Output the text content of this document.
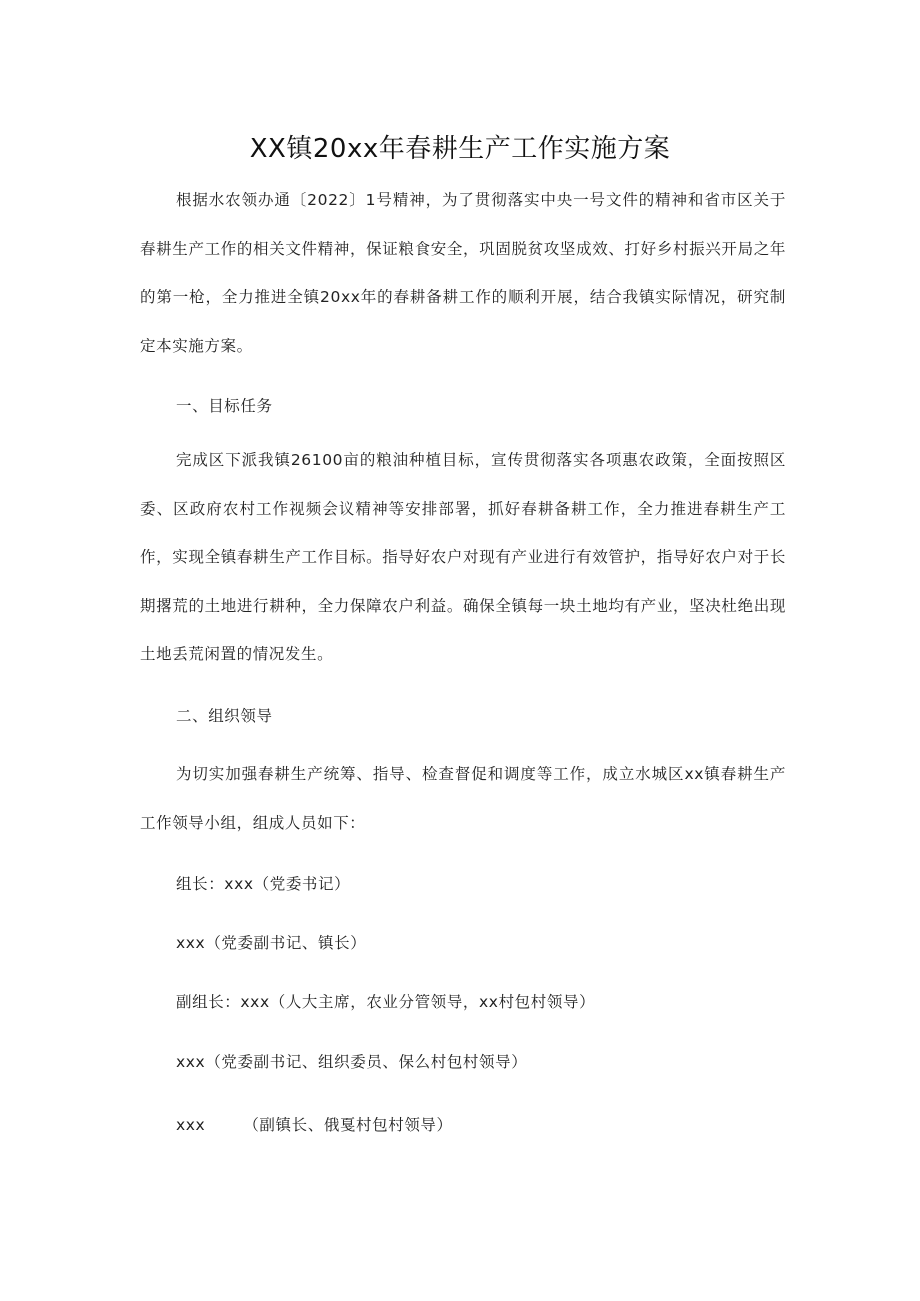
XX镇20xx年春耕生产工作实施方案

根据水农领办通〔2022〕1号精神，为了贯彻落实中央一号文件的精神和省市区关于春耕生产工作的相关文件精神，保证粮食安全，巩固脱贫攻坚成效、打好乡村振兴开局之年的第一枪，全力推进全镇20xx年的春耕备耕工作的顺利开展，结合我镇实际情况，研究制定本实施方案。

一、目标任务

完成区下派我镇26100亩的粮油种植目标，宣传贯彻落实各项惠农政策，全面按照区委、区政府农村工作视频会议精神等安排部署，抓好春耕备耕工作，全力推进春耕生产工作，实现全镇春耕生产工作目标。指导好农户对现有产业进行有效管护，指导好农户对于长期撂荒的土地进行耕种，全力保障农户利益。确保全镇每一块土地均有产业，坚决杜绝出现土地丢荒闲置的情况发生。

二、组织领导

为切实加强春耕生产统筹、指导、检查督促和调度等工作，成立水城区xx镇春耕生产工作领导小组，组成人员如下：

组长：xxx（党委书记）

xxx（党委副书记、镇长）

副组长：xxx（人大主席，农业分管领导，xx村包村领导）

xxx（党委副书记、组织委员、保么村包村领导）

xxx （副镇长、俄戛村包村领导）
